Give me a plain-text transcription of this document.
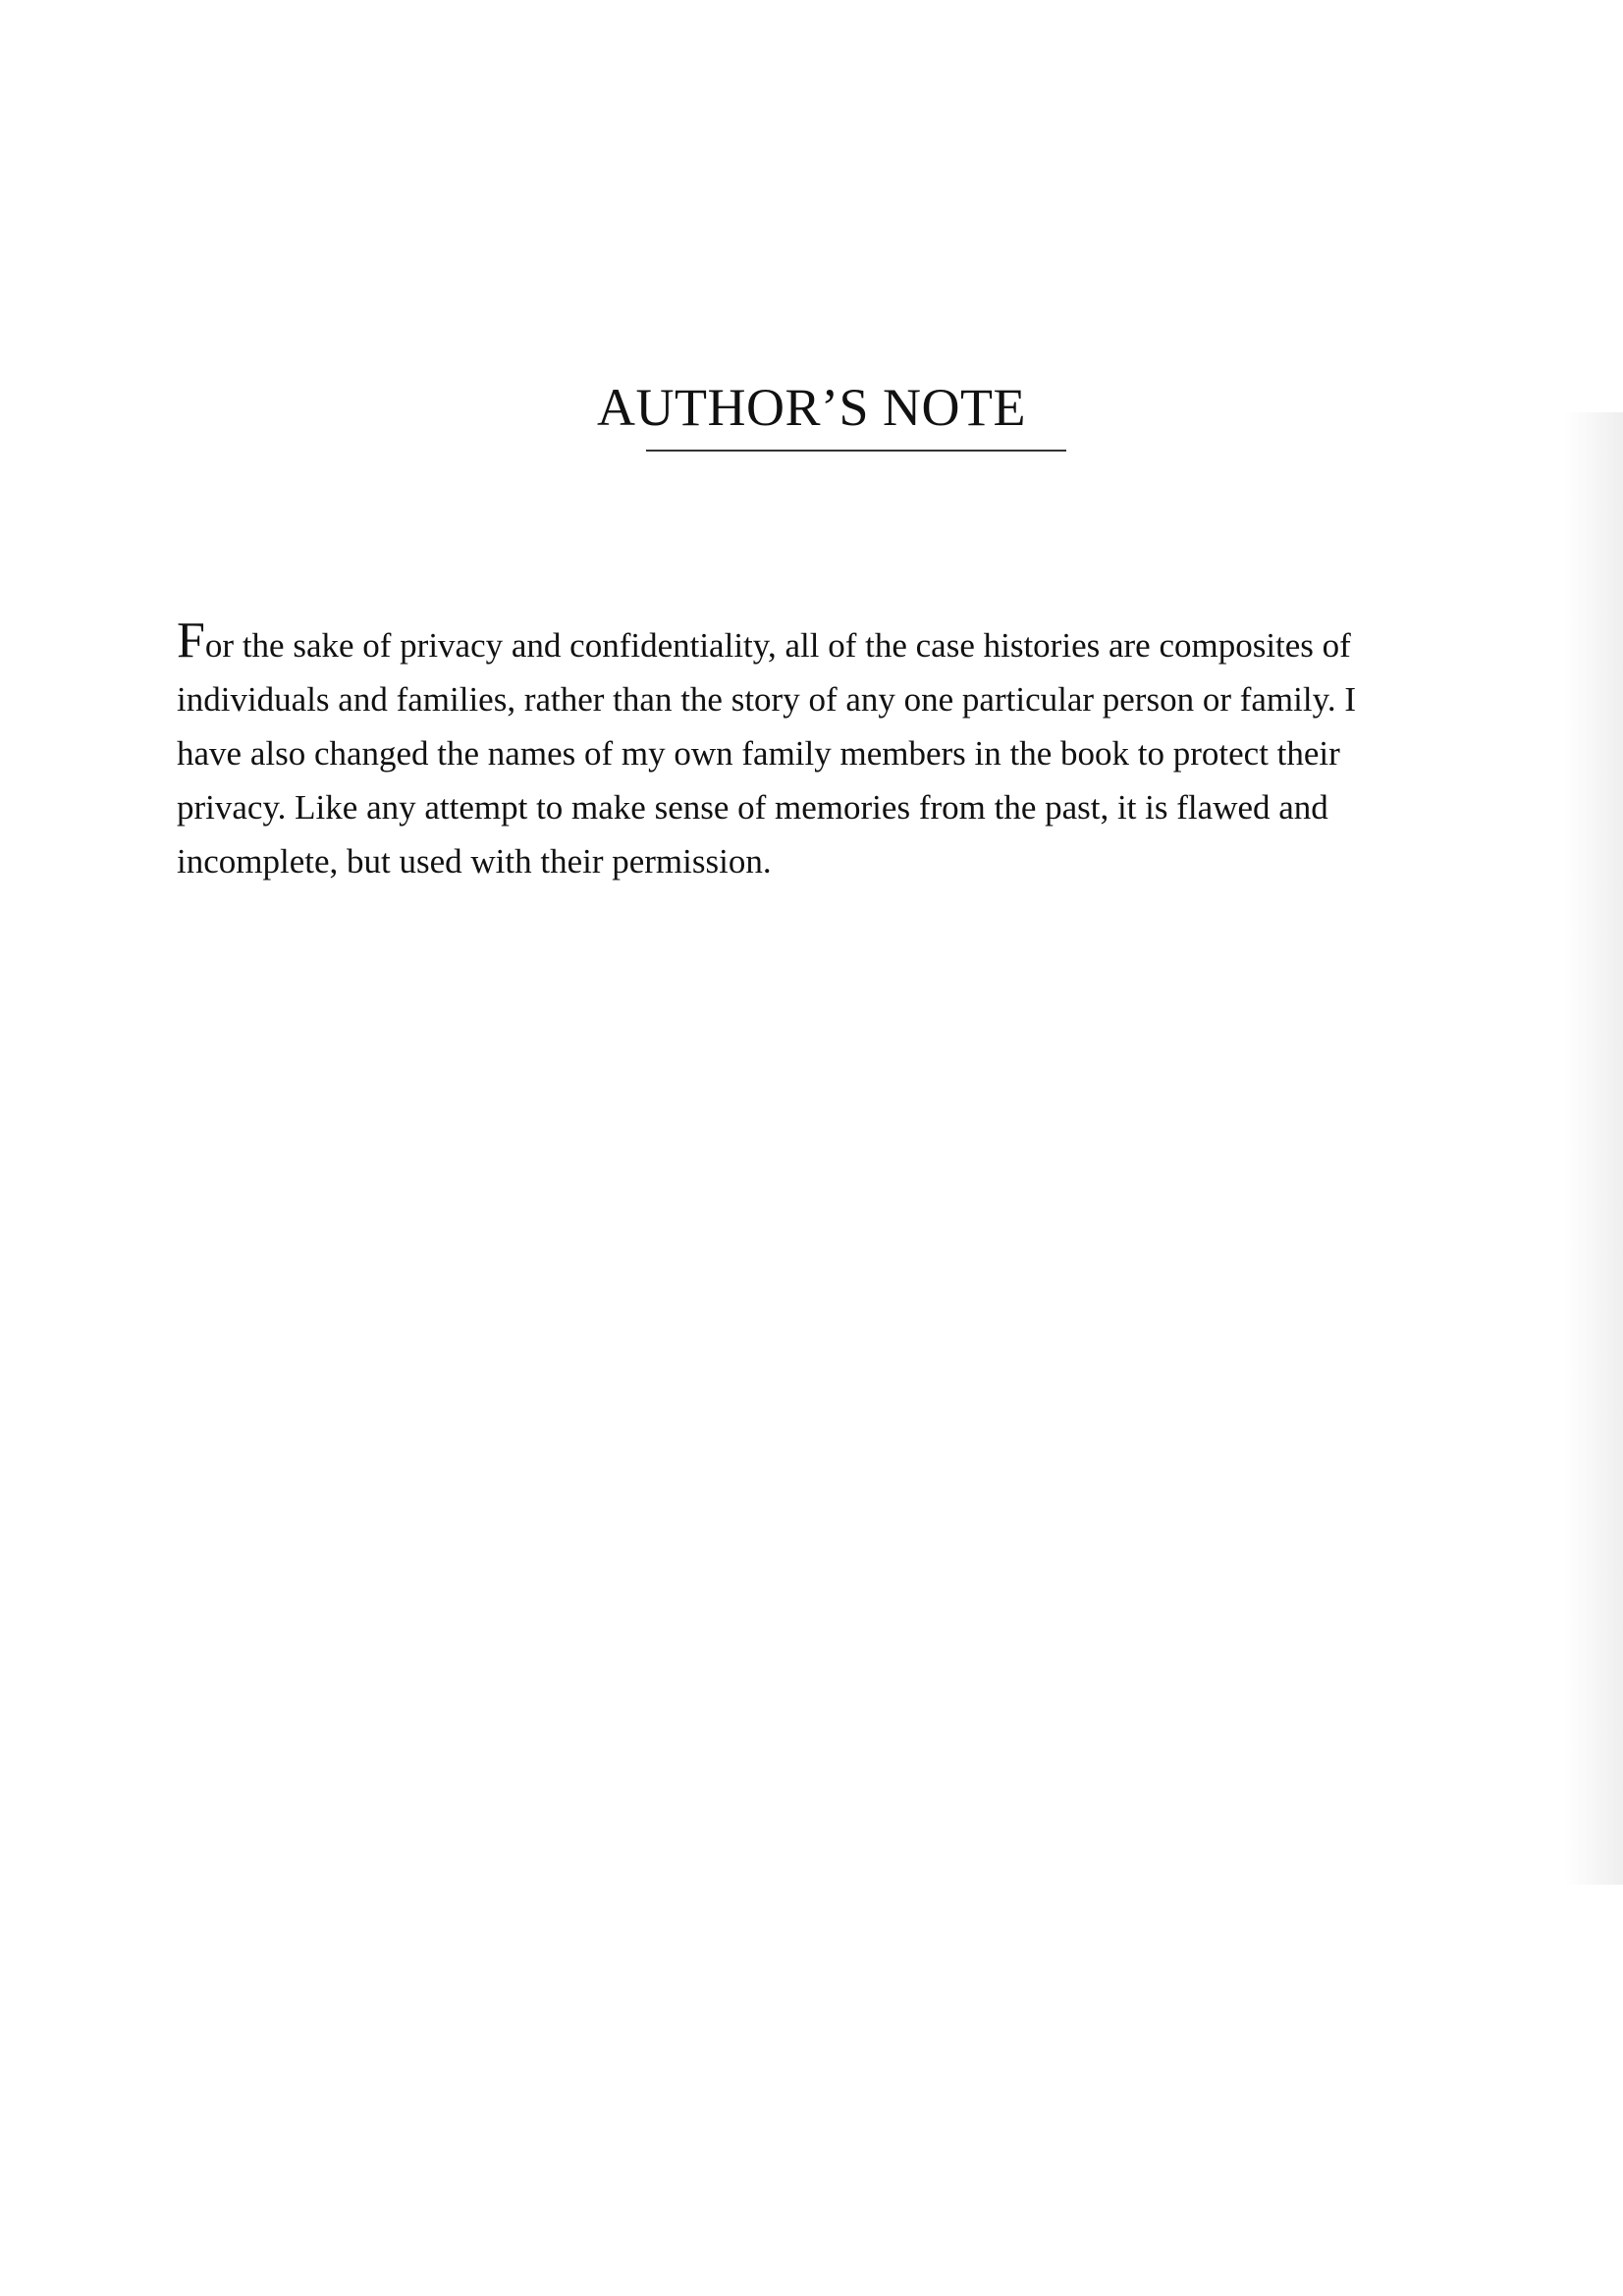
AUTHOR’S NOTE
For the sake of privacy and confidentiality, all of the case histories are composites of
individuals and families, rather than the story of any one particular person or family. I
have also changed the names of my own family members in the book to protect their
privacy. Like any attempt to make sense of memories from the past, it is flawed and
incomplete, but used with their permission.
